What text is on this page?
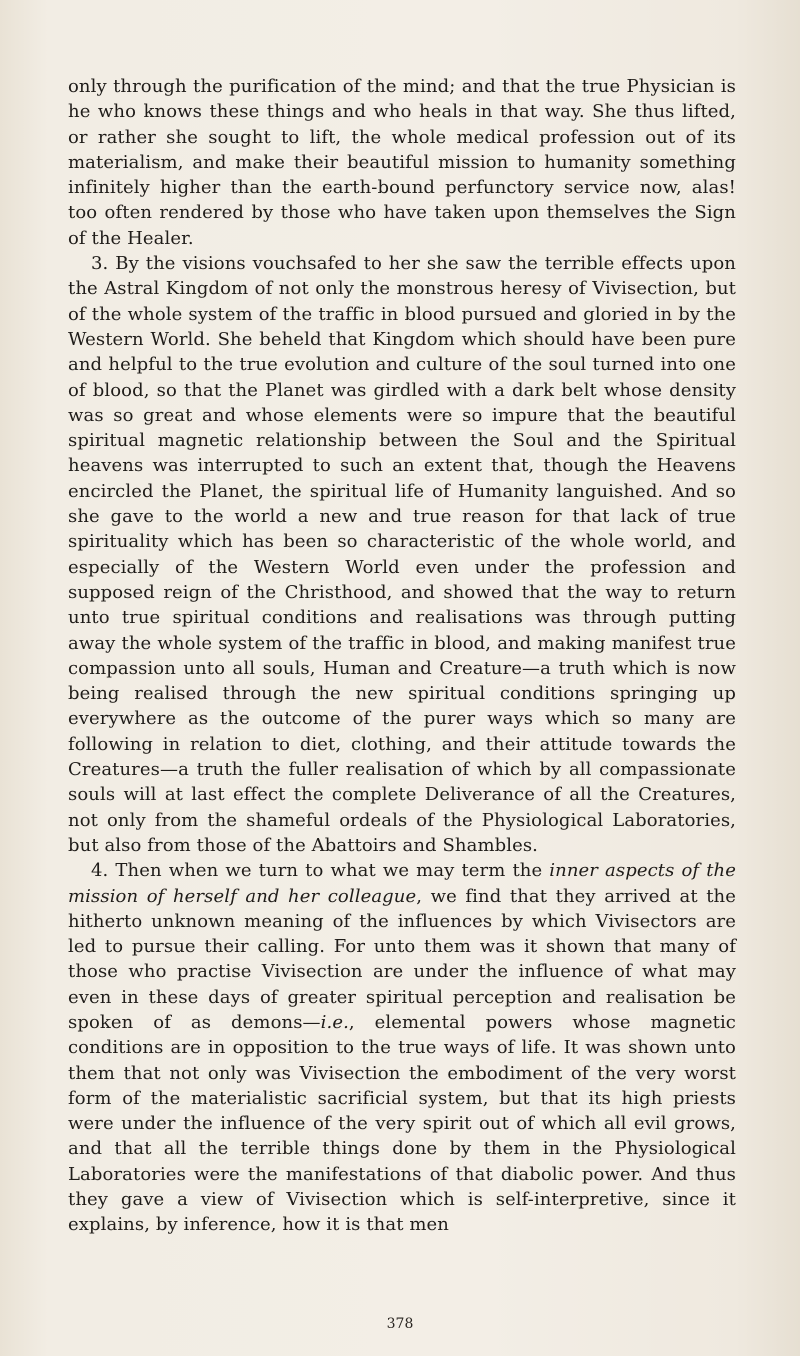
only through the purification of the mind; and that the true Physician is he who knows these things and who heals in that way. She thus lifted, or rather she sought to lift, the whole medical profession out of its materialism, and make their beautiful mission to humanity something infinitely higher than the earth-bound perfunctory service now, alas! too often rendered by those who have taken upon themselves the Sign of the Healer.

3. By the visions vouchsafed to her she saw the terrible effects upon the Astral Kingdom of not only the monstrous heresy of Vivisection, but of the whole system of the traffic in blood pursued and gloried in by the Western World. She beheld that Kingdom which should have been pure and helpful to the true evolution and culture of the soul turned into one of blood, so that the Planet was girdled with a dark belt whose density was so great and whose elements were so impure that the beautiful spiritual magnetic relationship between the Soul and the Spiritual heavens was interrupted to such an extent that, though the Heavens encircled the Planet, the spiritual life of Humanity languished. And so she gave to the world a new and true reason for that lack of true spirituality which has been so characteristic of the whole world, and especially of the Western World even under the profession and supposed reign of the Christhood, and showed that the way to return unto true spiritual conditions and realisations was through putting away the whole system of the traffic in blood, and making manifest true compassion unto all souls, Human and Creature—a truth which is now being realised through the new spiritual conditions springing up everywhere as the outcome of the purer ways which so many are following in relation to diet, clothing, and their attitude towards the Creatures—a truth the fuller realisation of which by all compassionate souls will at last effect the complete Deliverance of all the Creatures, not only from the shameful ordeals of the Physiological Laboratories, but also from those of the Abattoirs and Shambles.

4. Then when we turn to what we may term the inner aspects of the mission of herself and her colleague, we find that they arrived at the hitherto unknown meaning of the influences by which Vivisectors are led to pursue their calling. For unto them was it shown that many of those who practise Vivisection are under the influence of what may even in these days of greater spiritual perception and realisation be spoken of as demons—i.e., elemental powers whose magnetic conditions are in opposition to the true ways of life. It was shown unto them that not only was Vivisection the embodiment of the very worst form of the materialistic sacrificial system, but that its high priests were under the influence of the very spirit out of which all evil grows, and that all the terrible things done by them in the Physiological Laboratories were the manifestations of that diabolic power. And thus they gave a view of Vivisection which is self-interpretive, since it explains, by inference, how it is that men

378
